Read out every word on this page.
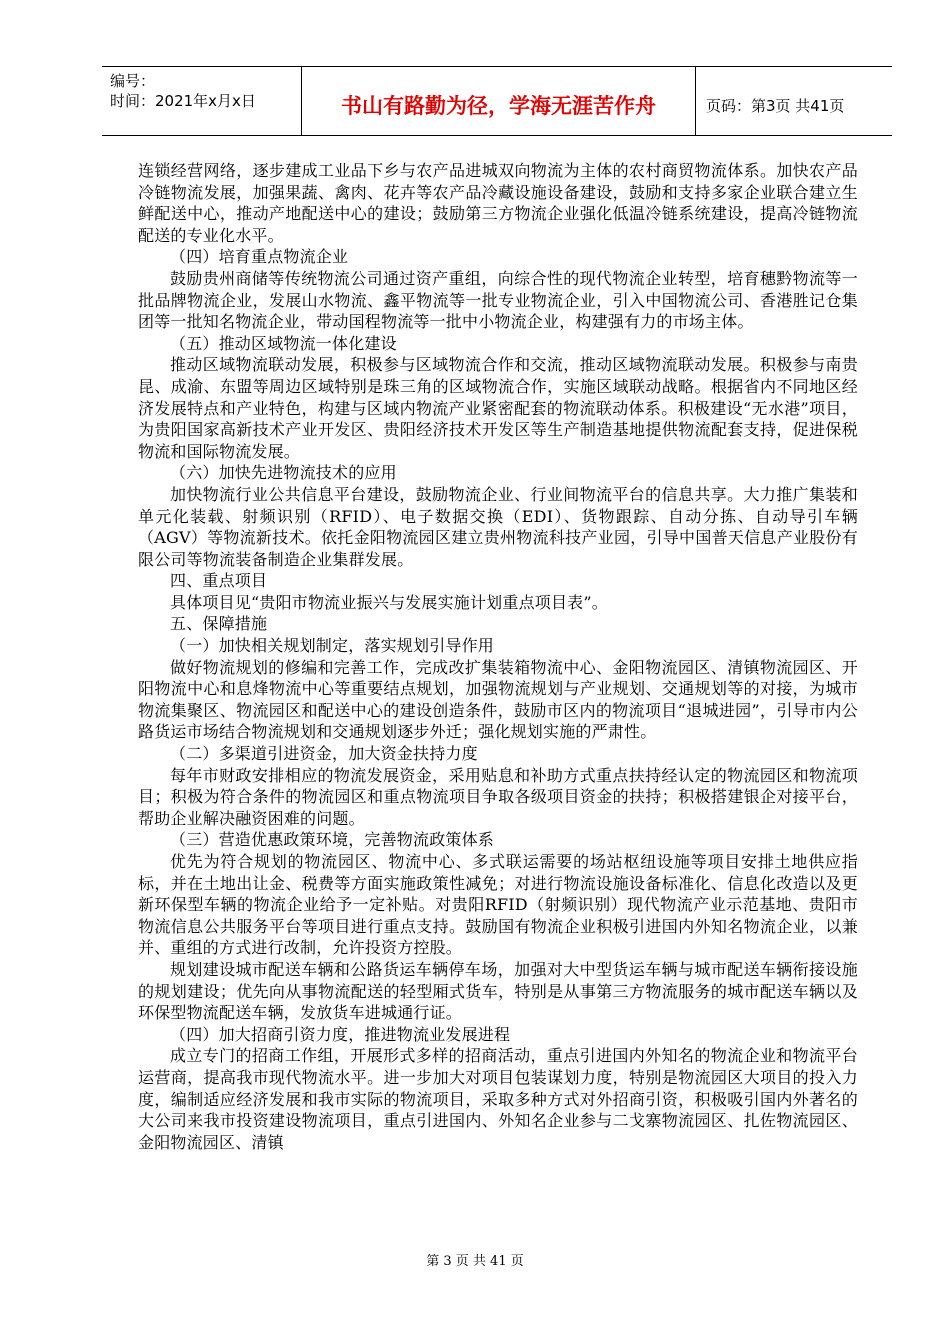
编号：
时间：2021年x月x日	书山有路勤为径，学海无涯苦作舟	页码：第3页 共41页

连锁经营网络，逐步建成工业品下乡与农产品进城双向物流为主体的农村商贸物流体系。加快农产品冷链物流发展，加强果蔬、禽肉、花卉等农产品冷藏设施设备建设，鼓励和支持多家企业联合建立生鲜配送中心，推动产地配送中心的建设；鼓励第三方物流企业强化低温冷链系统建设，提高冷链物流配送的专业化水平。

（四）培育重点物流企业

鼓励贵州商储等传统物流公司通过资产重组，向综合性的现代物流企业转型，培育穗黔物流等一批品牌物流企业，发展山水物流、鑫平物流等一批专业物流企业，引入中国物流公司、香港胜记仓集团等一批知名物流企业，带动国程物流等一批中小物流企业，构建强有力的市场主体。

（五）推动区域物流一体化建设

推动区域物流联动发展，积极参与区域物流合作和交流，推动区域物流联动发展。积极参与南贵昆、成渝、东盟等周边区域特别是珠三角的区域物流合作，实施区域联动战略。根据省内不同地区经济发展特点和产业特色，构建与区域内物流产业紧密配套的物流联动体系。积极建设“无水港”项目，为贵阳国家高新技术产业开发区、贵阳经济技术开发区等生产制造基地提供物流配套支持，促进保税物流和国际物流发展。

（六）加快先进物流技术的应用

加快物流行业公共信息平台建设，鼓励物流企业、行业间物流平台的信息共享。大力推广集装和单元化装载、射频识别（RFID）、电子数据交换（EDI）、货物跟踪、自动分拣、自动导引车辆（AGV）等物流新技术。依托金阳物流园区建立贵州物流科技产业园，引导中国普天信息产业股份有限公司等物流装备制造企业集群发展。

四、重点项目

具体项目见“贵阳市物流业振兴与发展实施计划重点项目表”。

五、保障措施

（一）加快相关规划制定，落实规划引导作用

做好物流规划的修编和完善工作，完成改扩集装箱物流中心、金阳物流园区、清镇物流园区、开阳物流中心和息烽物流中心等重要结点规划，加强物流规划与产业规划、交通规划等的对接，为城市物流集聚区、物流园区和配送中心的建设创造条件，鼓励市区内的物流项目“退城进园”，引导市内公路货运市场结合物流规划和交通规划逐步外迁；强化规划实施的严肃性。

（二）多渠道引进资金，加大资金扶持力度

每年市财政安排相应的物流发展资金，采用贴息和补助方式重点扶持经认定的物流园区和物流项目；积极为符合条件的物流园区和重点物流项目争取各级项目资金的扶持；积极搭建银企对接平台，帮助企业解决融资困难的问题。

（三）营造优惠政策环境，完善物流政策体系

优先为符合规划的物流园区、物流中心、多式联运需要的场站枢纽设施等项目安排土地供应指标，并在土地出让金、税费等方面实施政策性减免；对进行物流设施设备标准化、信息化改造以及更新环保型车辆的物流企业给予一定补贴。对贵阳RFID（射频识别）现代物流产业示范基地、贵阳市物流信息公共服务平台等项目进行重点支持。鼓励国有物流企业积极引进国内外知名物流企业，以兼并、重组的方式进行改制，允许投资方控股。

规划建设城市配送车辆和公路货运车辆停车场，加强对大中型货运车辆与城市配送车辆衔接设施的规划建设；优先向从事物流配送的轻型厢式货车，特别是从事第三方物流服务的城市配送车辆以及环保型物流配送车辆，发放货车进城通行证。

（四）加大招商引资力度，推进物流业发展进程

成立专门的招商工作组，开展形式多样的招商活动，重点引进国内外知名的物流企业和物流平台运营商，提高我市现代物流水平。进一步加大对项目包装谋划力度，特别是物流园区大项目的投入力度，编制适应经济发展和我市实际的物流项目，采取多种方式对外招商引资，积极吸引国内外著名的大公司来我市投资建设物流项目，重点引进国内、外知名企业参与二戈寨物流园区、扎佐物流园区、金阳物流园区、清镇

第 3 页 共 41 页
